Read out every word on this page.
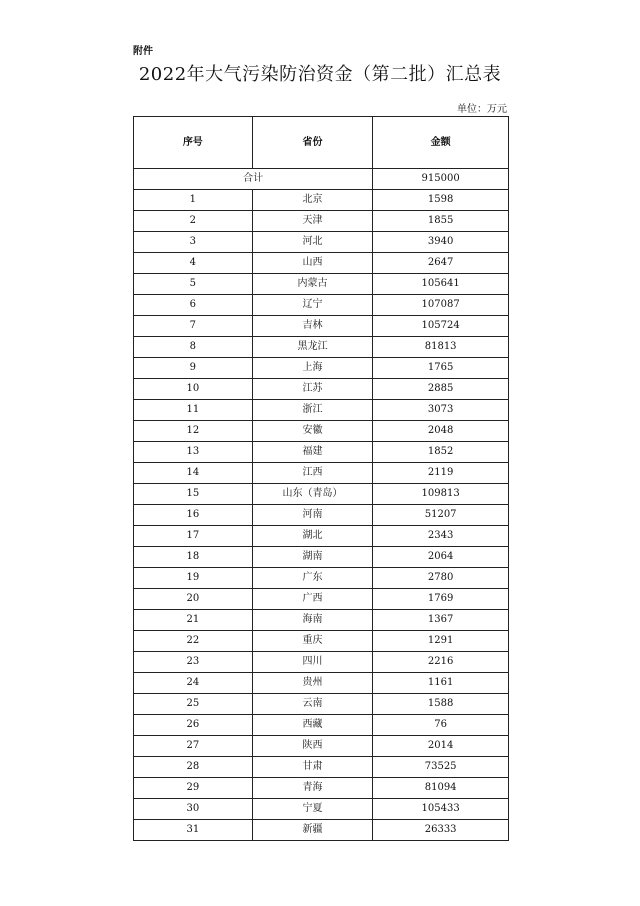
附件
2022年大气污染防治资金（第二批）汇总表
单位：万元
序号	省份	金额
合计		915000
1	北京	1598
2	天津	1855
3	河北	3940
4	山西	2647
5	内蒙古	105641
6	辽宁	107087
7	吉林	105724
8	黑龙江	81813
9	上海	1765
10	江苏	2885
11	浙江	3073
12	安徽	2048
13	福建	1852
14	江西	2119
15	山东（青岛）	109813
16	河南	51207
17	湖北	2343
18	湖南	2064
19	广东	2780
20	广西	1769
21	海南	1367
22	重庆	1291
23	四川	2216
24	贵州	1161
25	云南	1588
26	西藏	76
27	陕西	2014
28	甘肃	73525
29	青海	81094
30	宁夏	105433
31	新疆	26333
